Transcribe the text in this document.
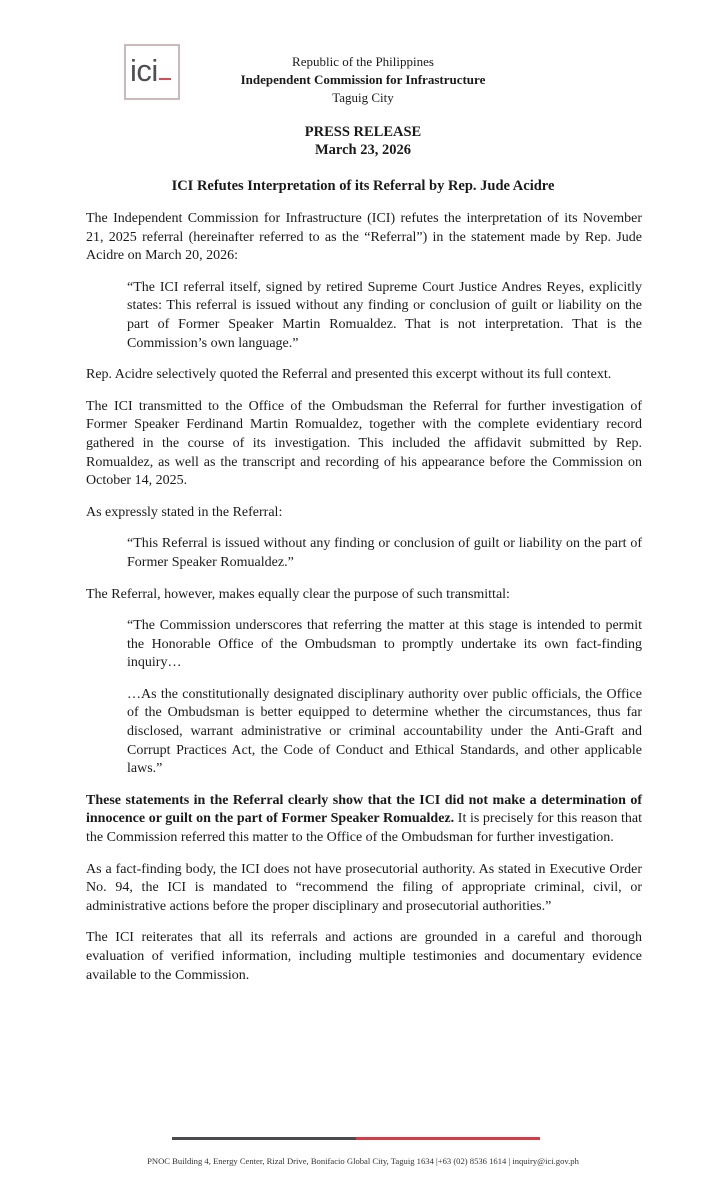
ici	Republic of the Philippines
Independent Commission for Infrastructure
Taguig City
PRESS RELEASE
March 23, 2026
ICI Refutes Interpretation of its Referral by Rep. Jude Acidre

The Independent Commission for Infrastructure (ICI) refutes the interpretation of its November 21, 2025 referral (hereinafter referred to as the “Referral”) in the statement made by Rep. Jude Acidre on March 20, 2026:

“The ICI referral itself, signed by retired Supreme Court Justice Andres Reyes, explicitly states: This referral is issued without any finding or conclusion of guilt or liability on the part of Former Speaker Martin Romualdez. That is not interpretation. That is the Commission’s own language.”

Rep. Acidre selectively quoted the Referral and presented this excerpt without its full context.

The ICI transmitted to the Office of the Ombudsman the Referral for further investigation of Former Speaker Ferdinand Martin Romualdez, together with the complete evidentiary record gathered in the course of its investigation. This included the affidavit submitted by Rep. Romualdez, as well as the transcript and recording of his appearance before the Commission on October 14, 2025.

As expressly stated in the Referral:

“This Referral is issued without any finding or conclusion of guilt or liability on the part of Former Speaker Romualdez.”

The Referral, however, makes equally clear the purpose of such transmittal:

“The Commission underscores that referring the matter at this stage is intended to permit the Honorable Office of the Ombudsman to promptly undertake its own fact-finding inquiry…

…As the constitutionally designated disciplinary authority over public officials, the Office of the Ombudsman is better equipped to determine whether the circumstances, thus far disclosed, warrant administrative or criminal accountability under the Anti-Graft and Corrupt Practices Act, the Code of Conduct and Ethical Standards, and other applicable laws.”

These statements in the Referral clearly show that the ICI did not make a determination of innocence or guilt on the part of Former Speaker Romualdez. It is precisely for this reason that the Commission referred this matter to the Office of the Ombudsman for further investigation.

As a fact-finding body, the ICI does not have prosecutorial authority. As stated in Executive Order No. 94, the ICI is mandated to “recommend the filing of appropriate criminal, civil, or administrative actions before the proper disciplinary and prosecutorial authorities.”

The ICI reiterates that all its referrals and actions are grounded in a careful and thorough evaluation of verified information, including multiple testimonies and documentary evidence available to the Commission.

PNOC Building 4, Energy Center, Rizal Drive, Bonifacio Global City, Taguig 1634 |+63 (02) 8536 1614 | inquiry@ici.gov.ph
